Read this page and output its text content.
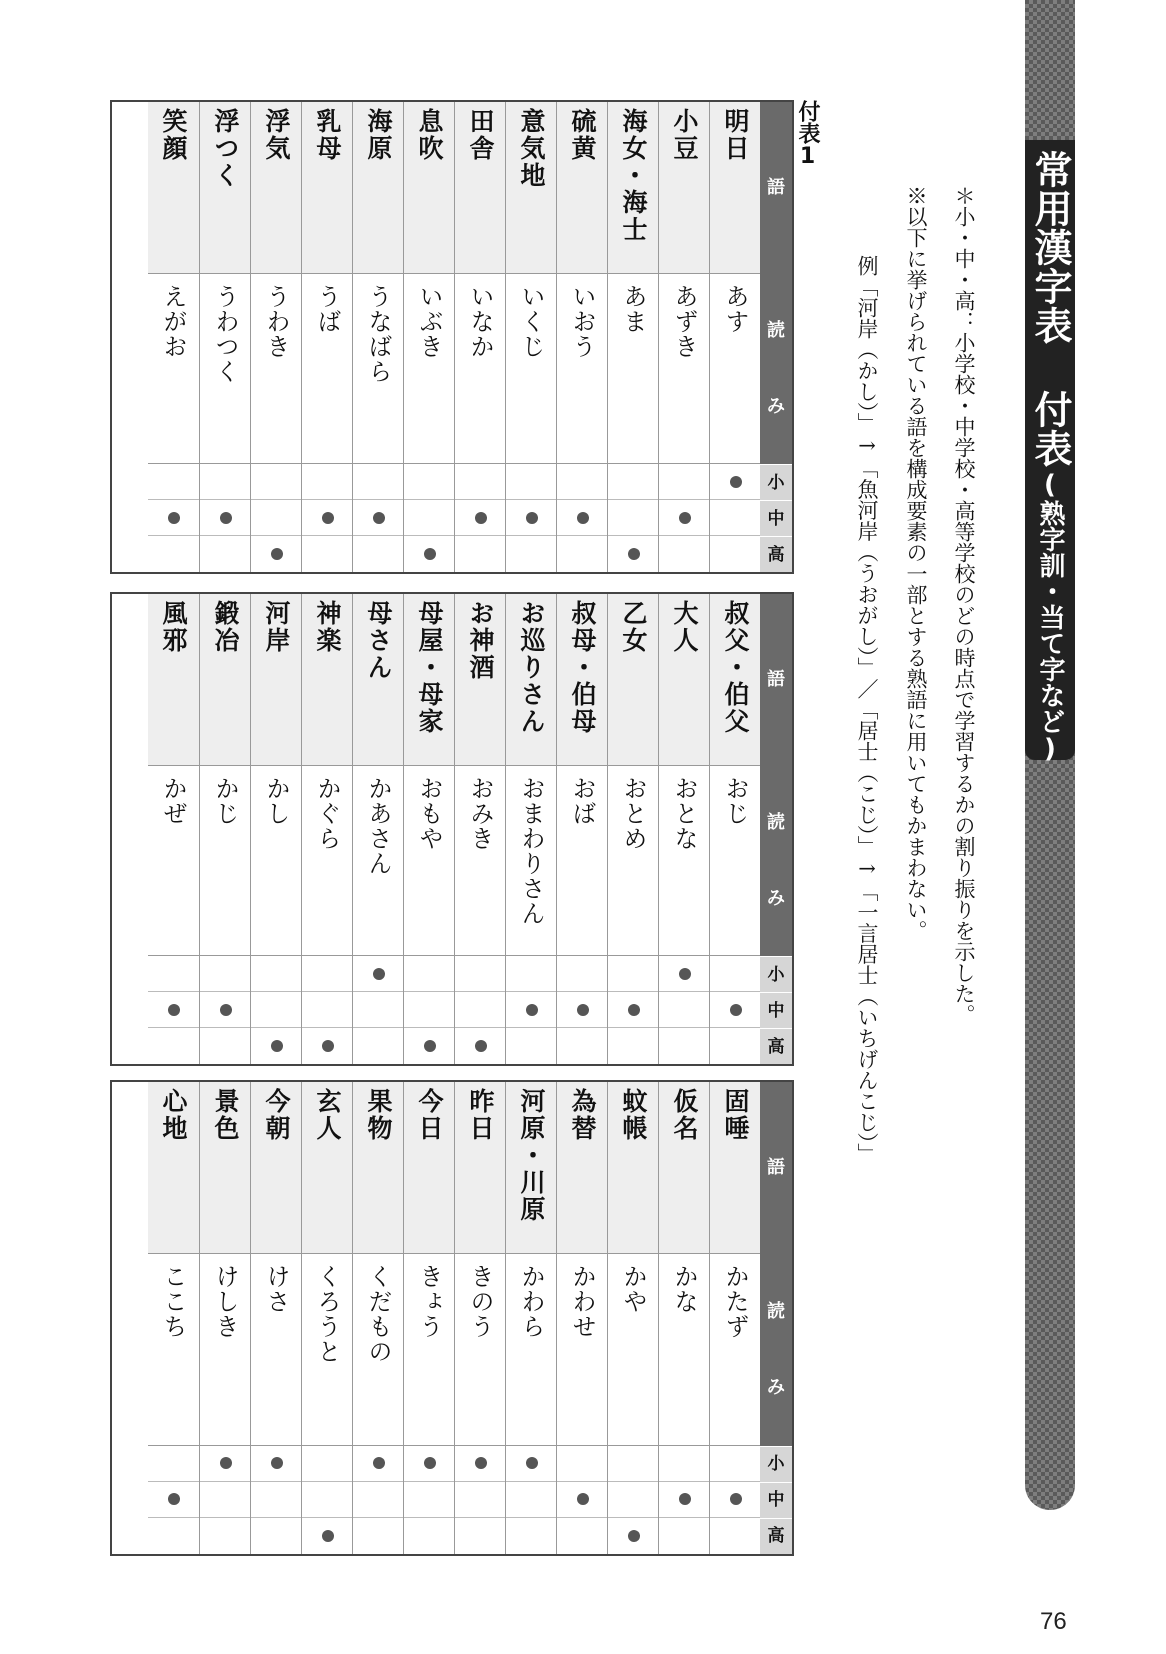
常用漢字表 付表
(熟字訓・当て字など)
＊小・中・高：小学校・中学校・高等学校のどの時点で学習するかの割り振りを示した。
※以下に挙げられている語を構成要素の一部とする熟語に用いてもかまわない。
例「河岸（かし）」→「魚河岸（うおがし）」／「居士（こじ）」→「一言居士（いちげんこじ）」
付表1
語
読
み
小
中
高
明日
あす
小豆
あずき
海女・海士
あま
硫黄
いおう
意気地
いくじ
田舎
いなか
息吹
いぶき
海原
うなばら
乳母
うば
浮気
うわき
浮つく
うわつく
笑顔
えがお
語
読
み
小
中
高
叔父・伯父
おじ
大人
おとな
乙女
おとめ
叔母・伯母
おば
お巡りさん
おまわりさん
お神酒
おみき
母屋・母家
おもや
母さん
かあさん
神楽
かぐら
河岸
かし
鍛冶
かじ
風邪
かぜ
語
読
み
小
中
高
固唾
かたず
仮名
かな
蚊帳
かや
為替
かわせ
河原・川原
かわら
昨日
きのう
今日
きょう
果物
くだもの
玄人
くろうと
今朝
けさ
景色
けしき
心地
ここち
76
